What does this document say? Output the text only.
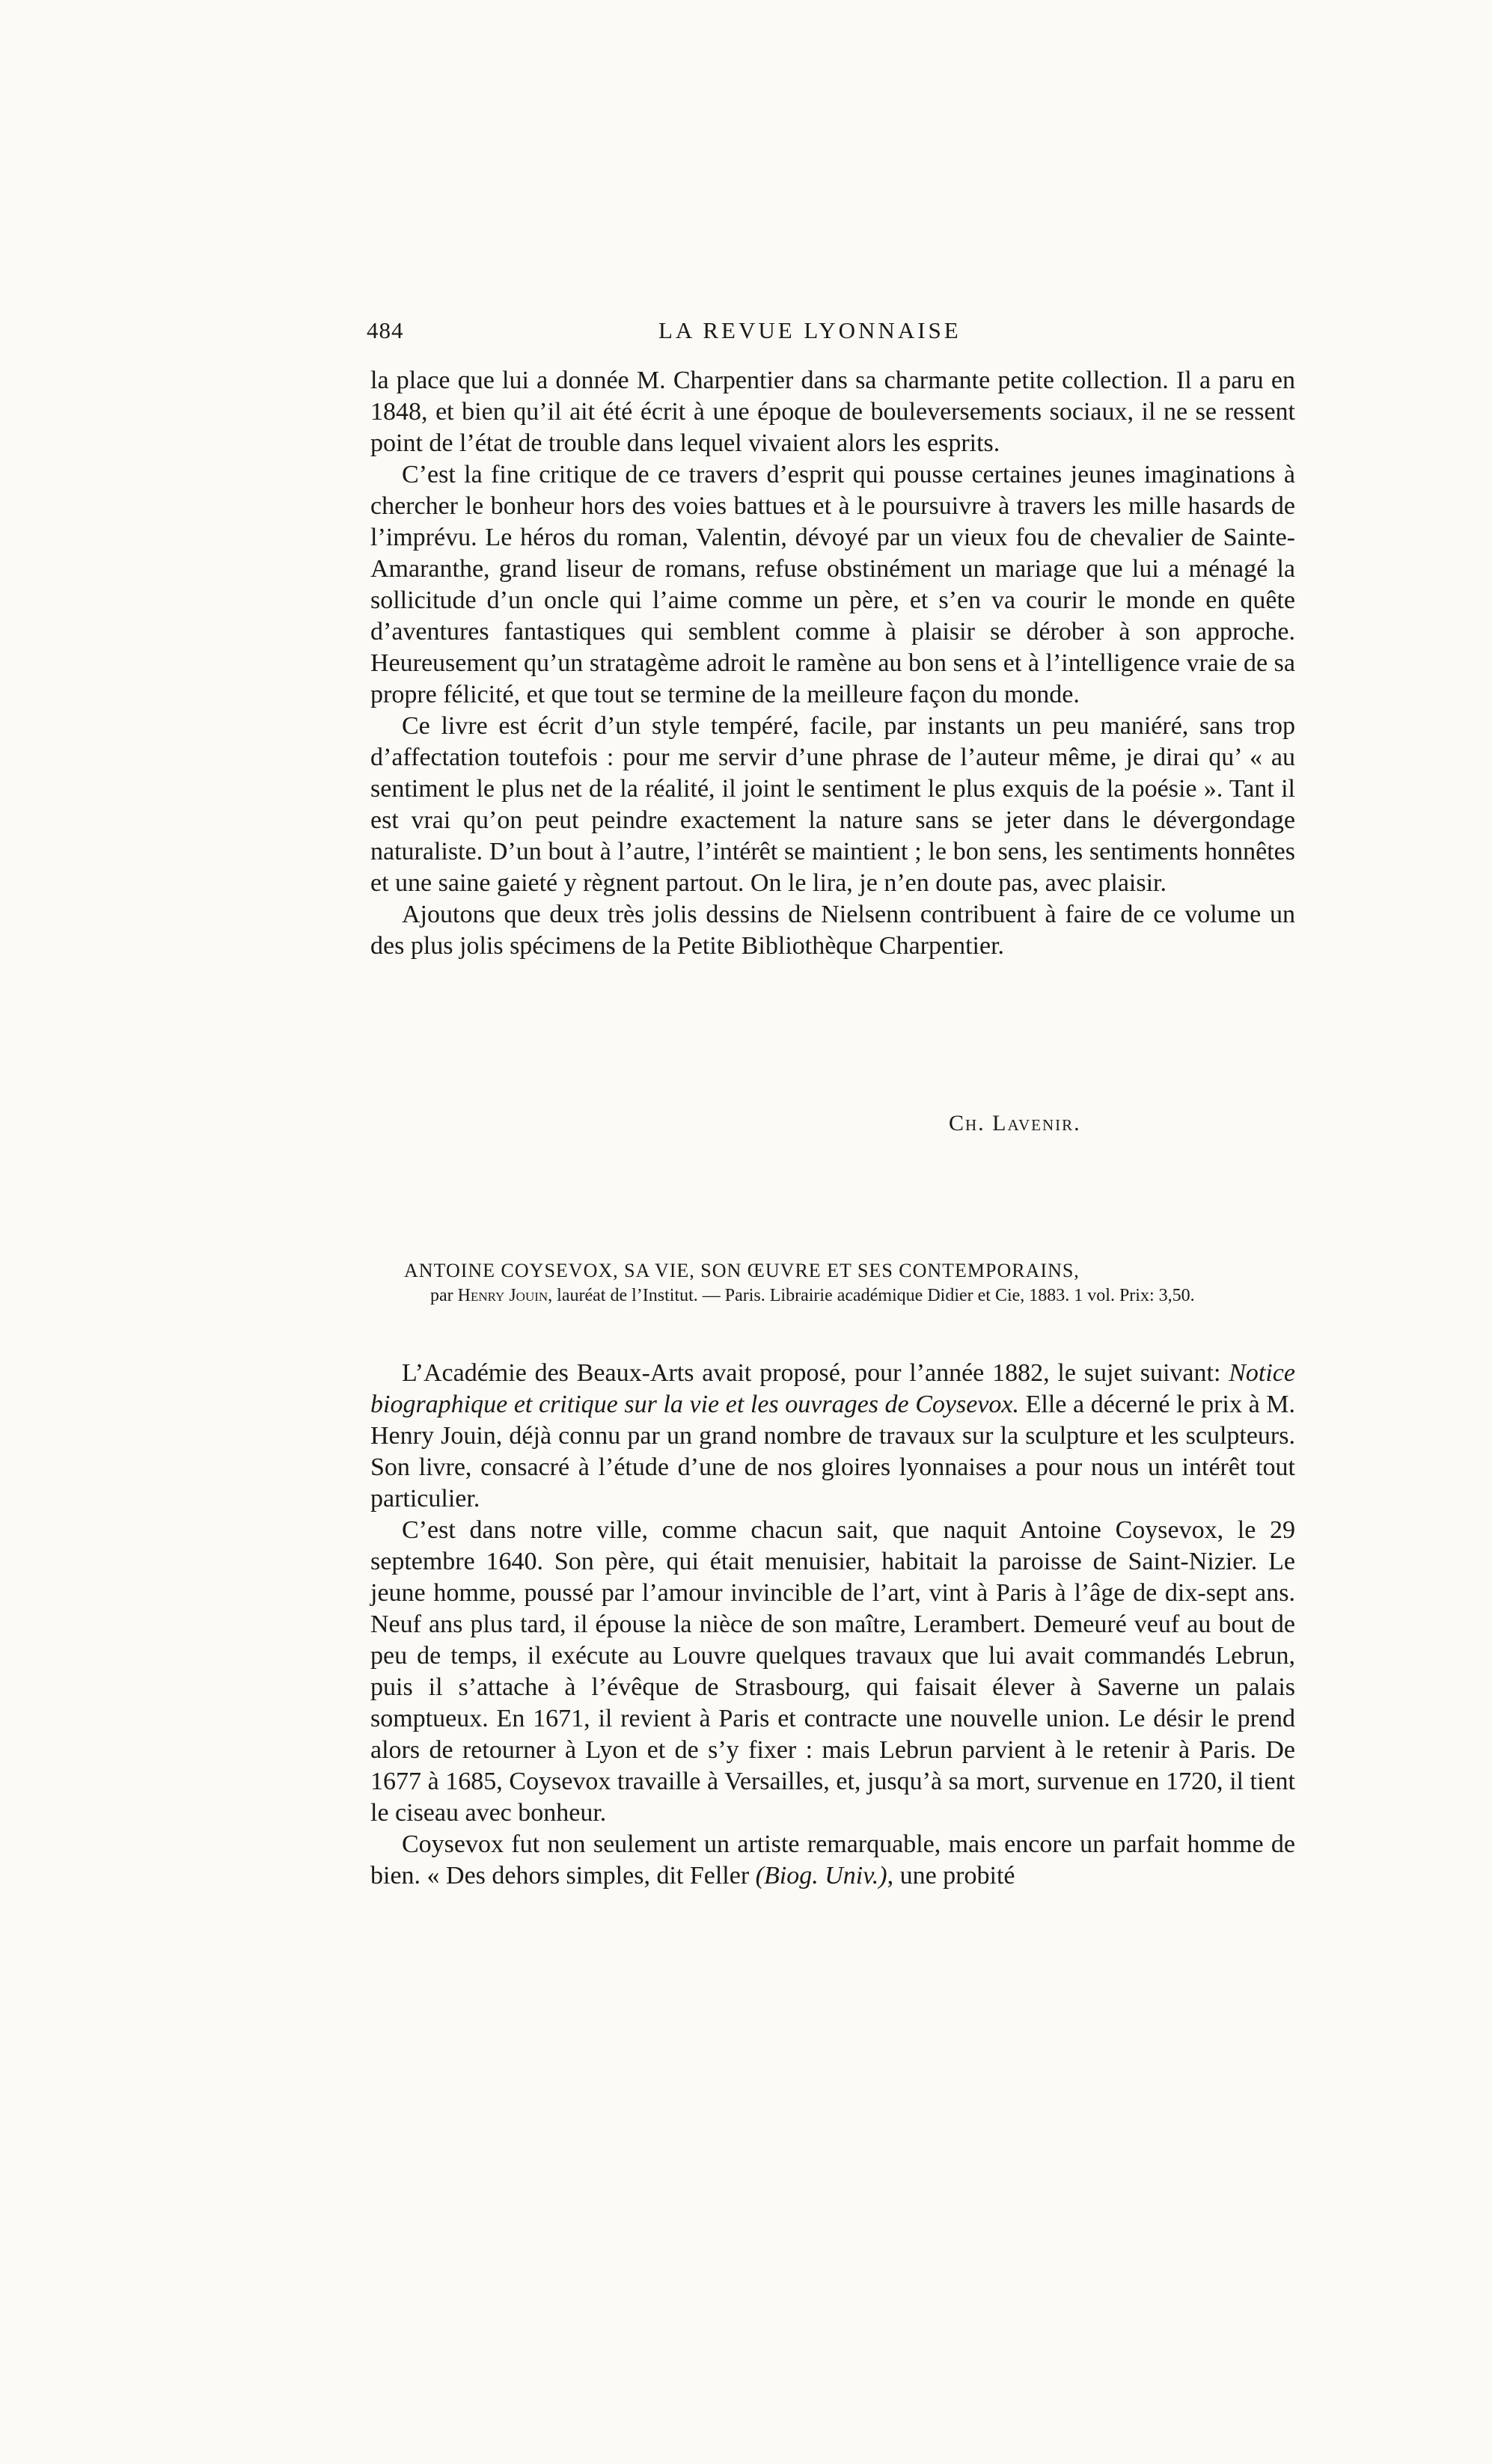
484	LA REVUE LYONNAISE

la place que lui a donnée M. Charpentier dans sa charmante petite collection. Il a paru en 1848, et bien qu’il ait été écrit à une époque de bouleversements sociaux, il ne se ressent point de l’état de trouble dans lequel vivaient alors les esprits.

C’est la fine critique de ce travers d’esprit qui pousse certaines jeunes imaginations à chercher le bonheur hors des voies battues et à le poursuivre à travers les mille hasards de l’imprévu. Le héros du roman, Valentin, dévoyé par un vieux fou de chevalier de Sainte-Amaranthe, grand liseur de romans, refuse obstinément un mariage que lui a ménagé la sollicitude d’un oncle qui l’aime comme un père, et s’en va courir le monde en quête d’aventures fantastiques qui semblent comme à plaisir se dérober à son approche. Heureusement qu’un stratagème adroit le ramène au bon sens et à l’intelligence vraie de sa propre félicité, et que tout se termine de la meilleure façon du monde.

Ce livre est écrit d’un style tempéré, facile, par instants un peu maniéré, sans trop d’affectation toutefois : pour me servir d’une phrase de l’auteur même, je dirai qu’ « au sentiment le plus net de la réalité, il joint le sentiment le plus exquis de la poésie ». Tant il est vrai qu’on peut peindre exactement la nature sans se jeter dans le dévergondage naturaliste. D’un bout à l’autre, l’intérêt se maintient ; le bon sens, les sentiments honnêtes et une saine gaieté y règnent partout. On le lira, je n’en doute pas, avec plaisir.

Ajoutons que deux très jolis dessins de Nielsenn contribuent à faire de ce volume un des plus jolis spécimens de la Petite Bibliothèque Charpentier.

Ch. Lavenir.
ANTOINE COYSEVOX, SA VIE, SON ŒUVRE ET SES CONTEMPORAINS,
par Henry Jouin, lauréat de l’Institut. — Paris. Librairie académique Didier et Cie, 1883. 1 vol. Prix: 3,50.

L’Académie des Beaux-Arts avait proposé, pour l’année 1882, le sujet suivant: Notice biographique et critique sur la vie et les ouvrages de Coysevox. Elle a décerné le prix à M. Henry Jouin, déjà connu par un grand nombre de travaux sur la sculpture et les sculpteurs. Son livre, consacré à l’étude d’une de nos gloires lyonnaises a pour nous un intérêt tout particulier.

C’est dans notre ville, comme chacun sait, que naquit Antoine Coysevox, le 29 septembre 1640. Son père, qui était menuisier, habitait la paroisse de Saint-Nizier. Le jeune homme, poussé par l’amour invincible de l’art, vint à Paris à l’âge de dix-sept ans. Neuf ans plus tard, il épouse la nièce de son maître, Lerambert. Demeuré veuf au bout de peu de temps, il exécute au Louvre quelques travaux que lui avait commandés Lebrun, puis il s’attache à l’évêque de Strasbourg, qui faisait élever à Saverne un palais somptueux. En 1671, il revient à Paris et contracte une nouvelle union. Le désir le prend alors de retourner à Lyon et de s’y fixer : mais Lebrun parvient à le retenir à Paris. De 1677 à 1685, Coysevox travaille à Versailles, et, jusqu’à sa mort, survenue en 1720, il tient le ciseau avec bonheur.

Coysevox fut non seulement un artiste remarquable, mais encore un parfait homme de bien. « Des dehors simples, dit Feller (Biog. Univ.), une probité
